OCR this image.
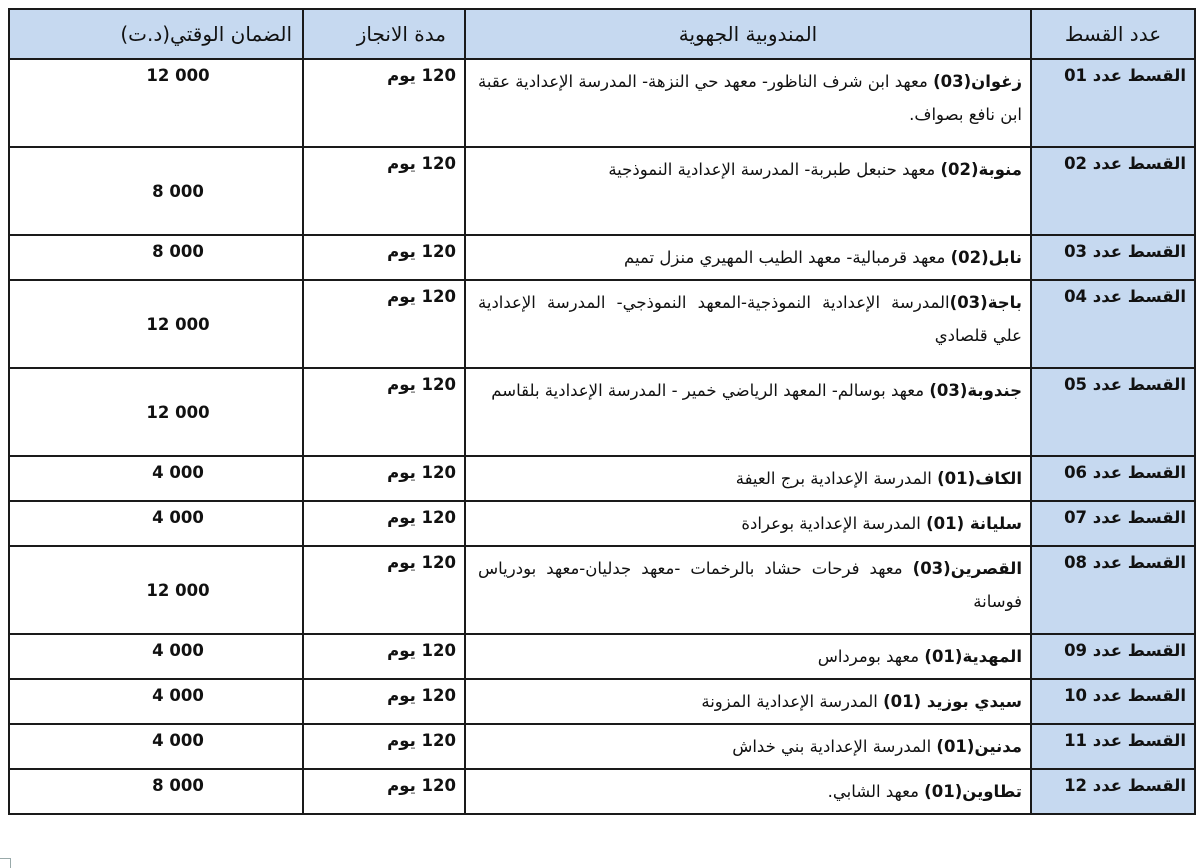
عدد القسط	المندوبية الجهوية	مدة الانجاز	الضمان الوقتي(د.ت)
القسط عدد 01	زغوان(03) معهد ابن شرف الناظور- معهد حي النزهة- المدرسة الإعدادية عقبة ابن نافع بصواف.	120 يوم	12 000
القسط عدد 02	منوبة(02) معهد حنبعل طبربة- المدرسة الإعدادية النموذجية	120 يوم	8 000
القسط عدد 03	نابل(02) معهد قرمبالية- معهد الطيب المهيري منزل تميم	120 يوم	8 000
القسط عدد 04	باجة(03)المدرسة الإعدادية النموذجية-المعهد النموذجي- المدرسة الإعدادية علي قلصادي	120 يوم	12 000
القسط عدد 05	جندوبة(03) معهد بوسالم- المعهد الرياضي خمير - المدرسة الإعدادية بلقاسم	120 يوم	12 000
القسط عدد 06	الكاف(01) المدرسة الإعدادية برج العيفة	120 يوم	4 000
القسط عدد 07	سليانة (01) المدرسة الإعدادية بوعرادة	120 يوم	4 000
القسط عدد 08	القصرين(03) معهد فرحات حشاد بالرخمات -معهد جدليان-معهد بودرياس فوسانة	120 يوم	12 000
القسط عدد 09	المهدية(01) معهد بومرداس	120 يوم	4 000
القسط عدد 10	سيدي بوزيد (01) المدرسة الإعدادية المزونة	120 يوم	4 000
القسط عدد 11	مدنين(01) المدرسة الإعدادية بني خداش	120 يوم	4 000
القسط عدد 12	تطاوين(01) معهد الشابي.	120 يوم	8 000
